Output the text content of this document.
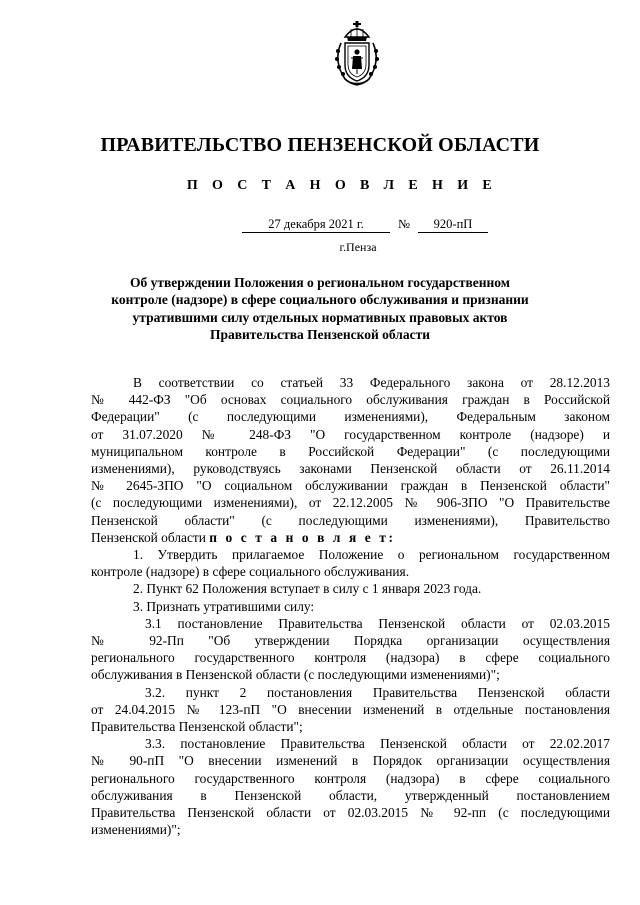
ПРАВИТЕЛЬСТВО ПЕНЗЕНСКОЙ ОБЛАСТИ
П О С Т А Н О В Л Е Н И Е
27 декабря 2021 г.	№ 920-пП
г.Пенза
Об утверждении Положения о региональном государственном
контроле (надзоре) в сфере социального обслуживания и признании
утратившими силу отдельных нормативных правовых актов
Правительства Пензенской области
В соответствии со статьей 33 Федерального закона от 28.12.2013
№ 442-ФЗ "Об основах социального обслуживания граждан в Российской
Федерации" (с последующими изменениями), Федеральным законом
от 31.07.2020 № 248-ФЗ "О государственном контроле (надзоре) и
муниципальном контроле в Российской Федерации" (с последующими
изменениями), руководствуясь законами Пензенской области от 26.11.2014
№ 2645-ЗПО "О социальном обслуживании граждан в Пензенской области"
(с последующими изменениями), от 22.12.2005 № 906-ЗПО "О Правительстве
Пензенской области" (с последующими изменениями), Правительство
Пензенской области п о с т а н о в л я е т:
1. Утвердить прилагаемое Положение о региональном государственном
контроле (надзоре) в сфере социального обслуживания.
2. Пункт 62 Положения вступает в силу с 1 января 2023 года.
3. Признать утратившими силу:
3.1 постановление Правительства Пензенской области от 02.03.2015
№ 92-Пп "Об утверждении Порядка организации осуществления
регионального государственного контроля (надзора) в сфере социального
обслуживания в Пензенской области (с последующими изменениями)";
3.2. пункт 2 постановления Правительства Пензенской области
от 24.04.2015 № 123-пП "О внесении изменений в отдельные постановления
Правительства Пензенской области";
3.3. постановление Правительства Пензенской области от 22.02.2017
№ 90-пП "О внесении изменений в Порядок организации осуществления
регионального государственного контроля (надзора) в сфере социального
обслуживания в Пензенской области, утвержденный постановлением
Правительства Пензенской области от 02.03.2015 № 92-пп (с последующими
изменениями)";
